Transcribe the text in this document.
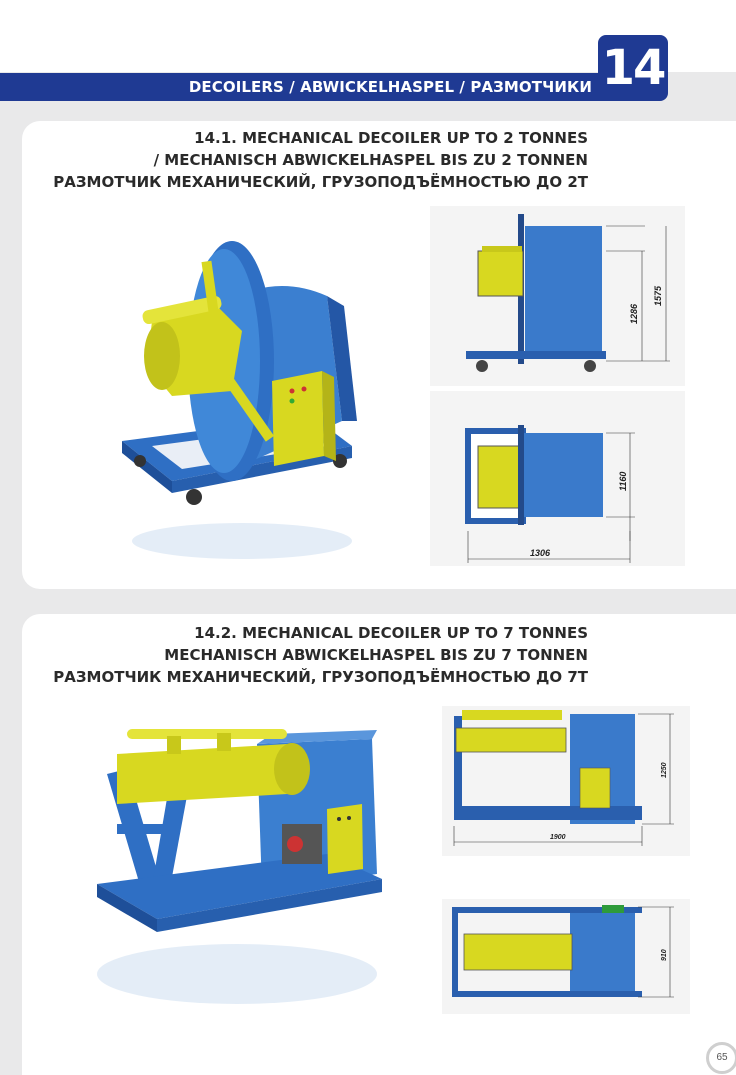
DECOILERS / ABWICKELHASPEL / РАЗМОТЧИКИ 14
14.1. MECHANICAL DECOILER UP TO 2 TONNES
/ MECHANISCH ABWICKELHASPEL BIS ZU 2 TONNEN
РАЗМОТЧИК МЕХАНИЧЕСКИЙ, ГРУЗОПОДЪЁМНОСТЬЮ ДО 2Т
1286
1575
1160
1306
14.2. MECHANICAL DECOILER UP TO 7 TONNES
MECHANISCH ABWICKELHASPEL BIS ZU 7 TONNEN
РАЗМОТЧИК МЕХАНИЧЕСКИЙ, ГРУЗОПОДЪЁМНОСТЬЮ ДО 7Т
1250
1900
910
65
